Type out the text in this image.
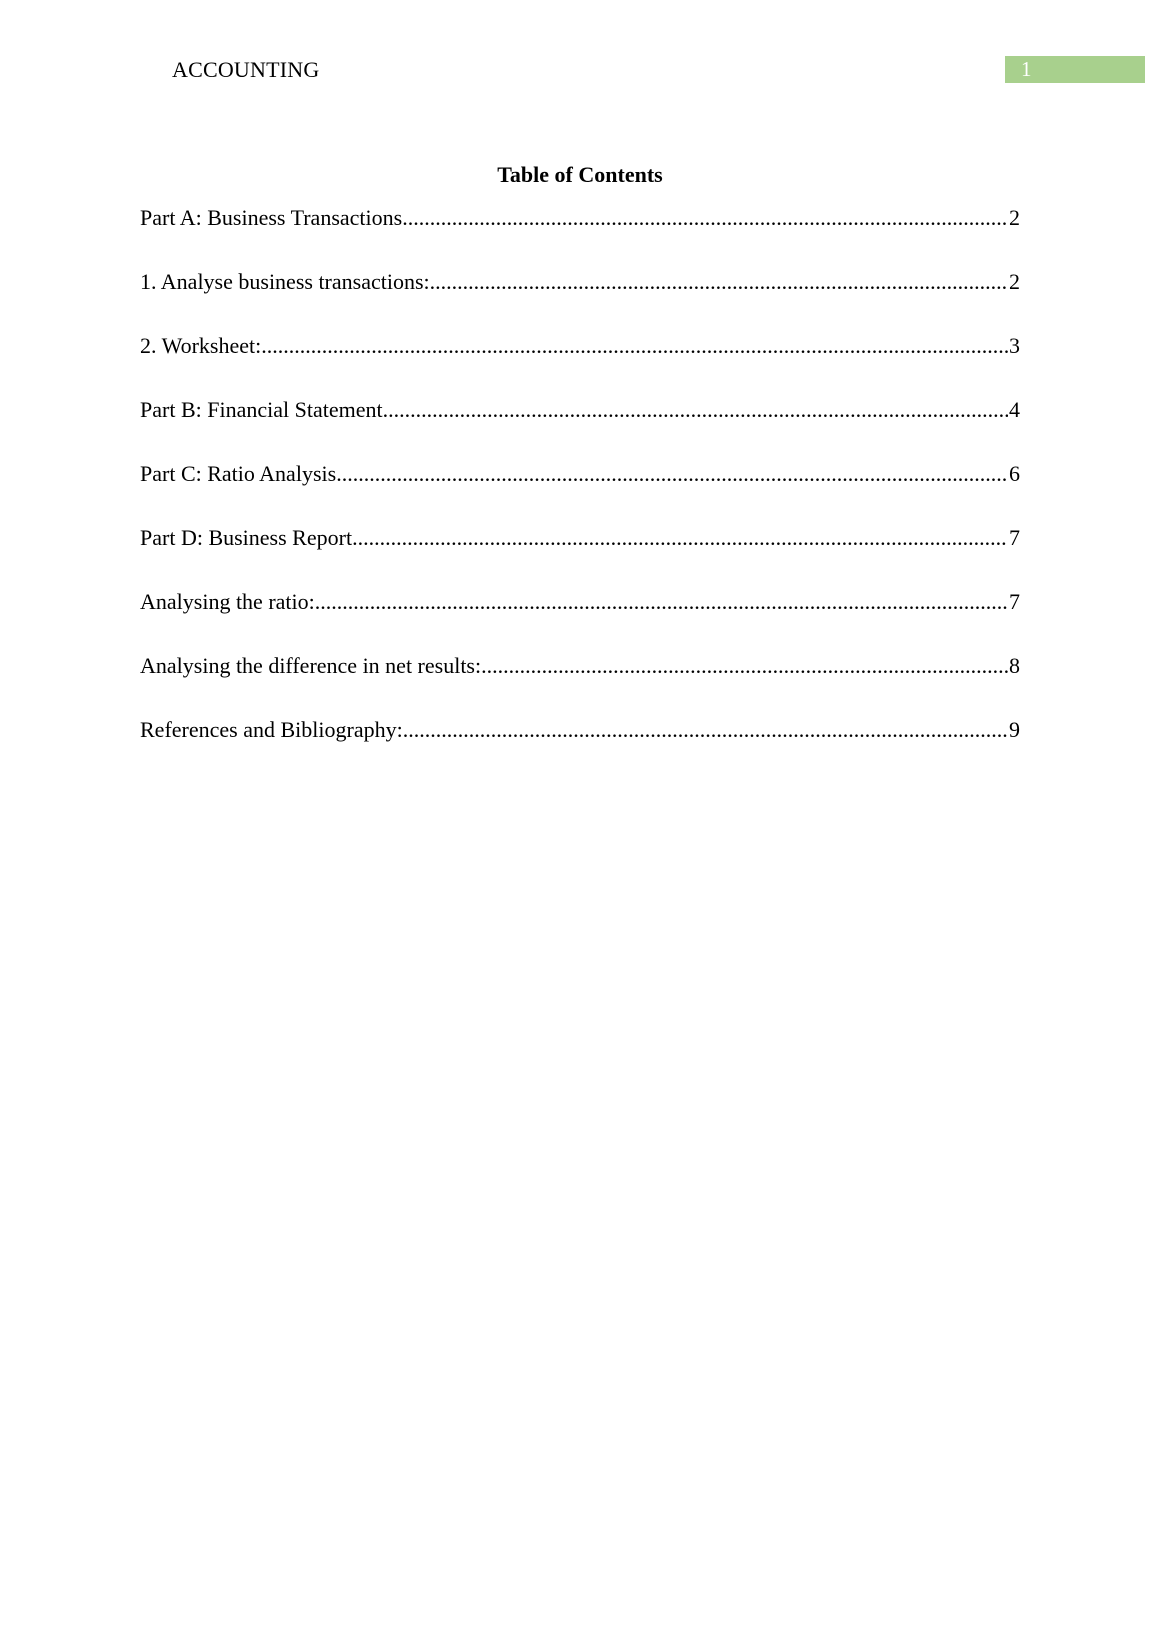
ACCOUNTING	1
Table of Contents
Part A: Business Transactions .....	2
1. Analyse business transactions: .....	2
2. Worksheet: .....	3
Part B: Financial Statement .....	4
Part C: Ratio Analysis .....	6
Part D: Business Report .....	7
Analysing the ratio: .....	7
Analysing the difference in net results: .....	8
References and Bibliography: .....	9
